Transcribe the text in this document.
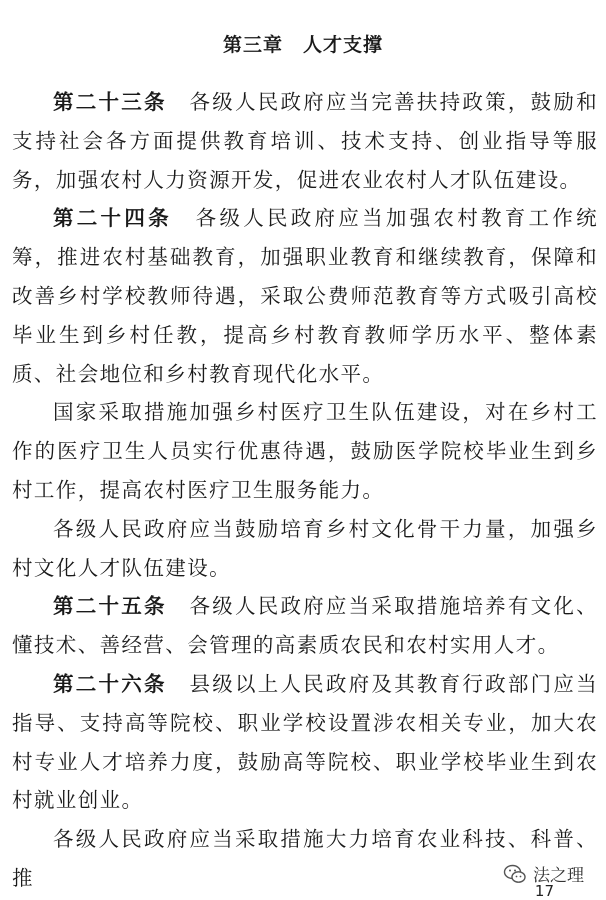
第三章　人才支撑

第二十三条　 各级人民政府应当完善扶持政策，鼓励和支持社会各方面提供教育培训、技术支持、创业指导等服务，加强农村人力资源开发，促进农业农村人才队伍建设。

第二十四条　 各级人民政府应当加强农村教育工作统筹，推进农村基础教育，加强职业教育和继续教育，保障和改善乡村学校教师待遇，采取公费师范教育等方式吸引高校毕业生到乡村任教，提高乡村教育教师学历水平、整体素质、社会地位和乡村教育现代化水平。

国家采取措施加强乡村医疗卫生队伍建设，对在乡村工作的医疗卫生人员实行优惠待遇，鼓励医学院校毕业生到乡村工作，提高农村医疗卫生服务能力。

各级人民政府应当鼓励培育乡村文化骨干力量，加强乡村文化人才队伍建设。

第二十五条　 各级人民政府应当采取措施培养有文化、懂技术、善经营、会管理的高素质农民和农村实用人才。

第二十六条　 县级以上人民政府及其教育行政部门应当指导、支持高等院校、职业学校设置涉农相关专业，加大农村专业人才培养力度，鼓励高等院校、职业学校毕业生到农村就业创业。

各级人民政府应当采取措施大力培育农业科技、科普、推	法之理
17
